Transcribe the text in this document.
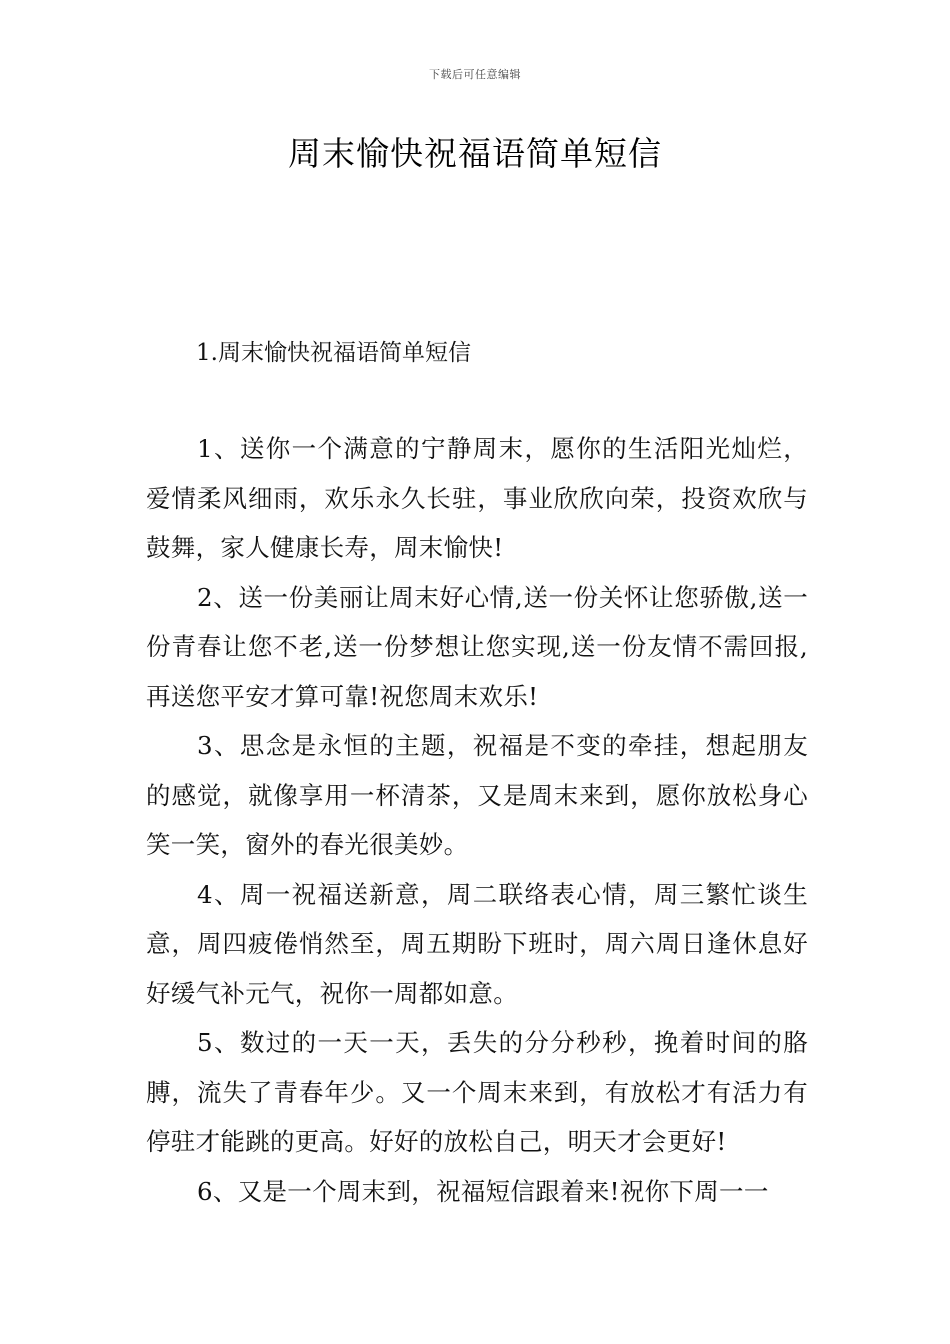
下载后可任意编辑
周末愉快祝福语简单短信
1.周末愉快祝福语简单短信

1、送你一个满意的宁静周末，愿你的生活阳光灿烂，爱情柔风细雨，欢乐永久长驻，事业欣欣向荣，投资欢欣与鼓舞，家人健康长寿，周末愉快!

2、送一份美丽让周末好心情,送一份关怀让您骄傲,送一份青春让您不老,送一份梦想让您实现,送一份友情不需回报,再送您平安才算可靠!祝您周末欢乐!

3、思念是永恒的主题，祝福是不变的牵挂，想起朋友的感觉，就像享用一杯清茶，又是周末来到，愿你放松身心笑一笑，窗外的春光很美妙。

4、周一祝福送新意，周二联络表心情，周三繁忙谈生意，周四疲倦悄然至，周五期盼下班时，周六周日逢休息好好缓气补元气，祝你一周都如意。

5、数过的一天一天，丢失的分分秒秒，挽着时间的胳膊，流失了青春年少。又一个周末来到，有放松才有活力有停驻才能跳的更高。好好的放松自己，明天才会更好!

6、又是一个周末到，祝福短信跟着来!祝你下周一一
